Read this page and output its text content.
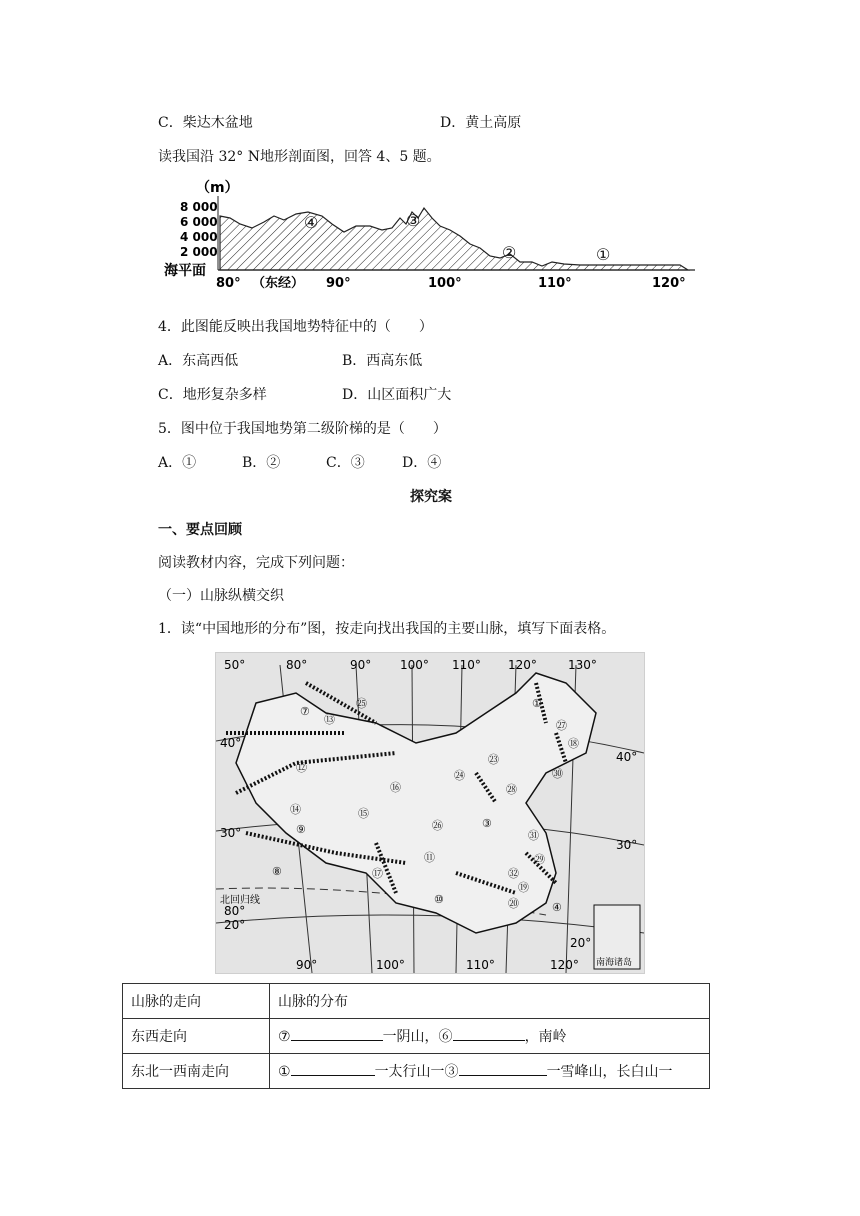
C．柴达木盆地	D．黄土高原
读我国沿 32° N地形剖面图，回答 4、5 题。
（m）
8 000
6 000
4 000
2 000
海平面
④	③
②	①
80° （东经） 90°	100°	110°	120°
4．此图能反映出我国地势特征中的（　　）
A．东高西低	B．西高东低
C．地形复杂多样	D．山区面积广大
5．图中位于我国地势第二级阶梯的是（　　）
A．①	B．②	C．③	D．④
探究案
一、要点回顾
阅读教材内容，完成下列问题：
（一）山脉纵横交织
1．读“中国地形的分布”图，按走向找出我国的主要山脉，填写下面表格。
50°	80°	90° 100° 110° 120°	130°
90°	100°	110°	120°
40°
30°
20°
40°
30°
20°
北回归线
80°
①
③
④
⑦
⑧
⑨
⑩
⑪
⑫
⑬
⑭	⑮
⑯
⑰
⑱
⑲
⑳
㉓
㉔
㉕
㉖
㉗
㉘
㉙
㉚
㉛
㉜
南海诸岛
山脉的走向	山脉的分布
东西走向	⑦ 一阴山，⑥ ，南岭
东北一西南走向	① 一太行山一③ 一雪峰山，长白山一
